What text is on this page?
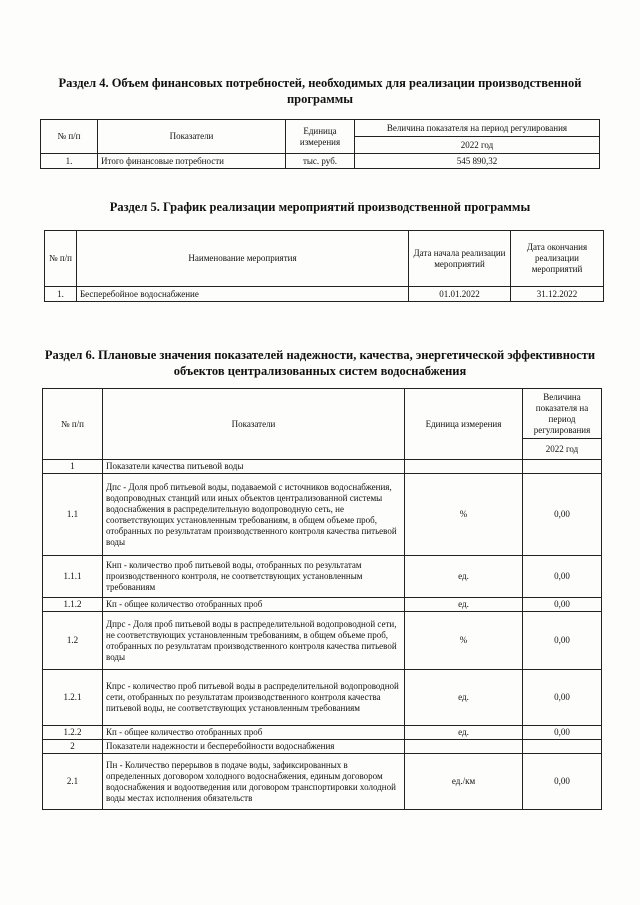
Раздел 4. Объем финансовых потребностей, необходимых для реализации производственной программы
№ п/п	Показатели	Единица измерения	Величина показателя на период регулирования
			2022 год
1.	Итого финансовые потребности	тыс. руб.	545 890,32
Раздел 5. График реализации мероприятий производственной программы
№ п/п	Наименование мероприятия	Дата начала реализации мероприятий	Дата окончания реализации мероприятий
1.	Бесперебойное водоснабжение	01.01.2022	31.12.2022
Раздел 6. Плановые значения показателей надежности, качества, энергетической эффективности объектов централизованных систем водоснабжения
№ п/п	Показатели	Единица измерения	Величина показателя на период регулирования
			2022 год
1	Показатели качества питьевой воды		
1.1	Дпс - Доля проб питьевой воды, подаваемой с источников водоснабжения, водопроводных станций или иных объектов централизованной системы водоснабжения в распределительную водопроводную сеть, не соответствующих установленным требованиям, в общем объеме проб, отобранных по результатам производственного контроля качества питьевой воды	%	0,00
1.1.1	Кнп - количество проб питьевой воды, отобранных по результатам производственного контроля, не соответствующих установленным требованиям	ед.	0,00
1.1.2	Кп - общее количество отобранных проб	ед.	0,00
1.2	Дпрс - Доля проб питьевой воды в распределительной водопроводной сети, не соответствующих установленным требованиям, в общем объеме проб, отобранных по результатам производственного контроля качества питьевой воды	%	0,00
1.2.1	Кпрс - количество проб питьевой воды в распределительной водопроводной сети, отобранных по результатам производственного контроля качества питьевой воды, не соответствующих установленным требованиям	ед.	0,00
1.2.2	Кп - общее количество отобранных проб	ед.	0,00
2	Показатели надежности и бесперебойности водоснабжения		
2.1	Пн - Количество перерывов в подаче воды, зафиксированных в определенных договором холодного водоснабжения, единым договором водоснабжения и водоотведения или договором транспортировки холодной воды местах исполнения обязательств	ед./км	0,00
